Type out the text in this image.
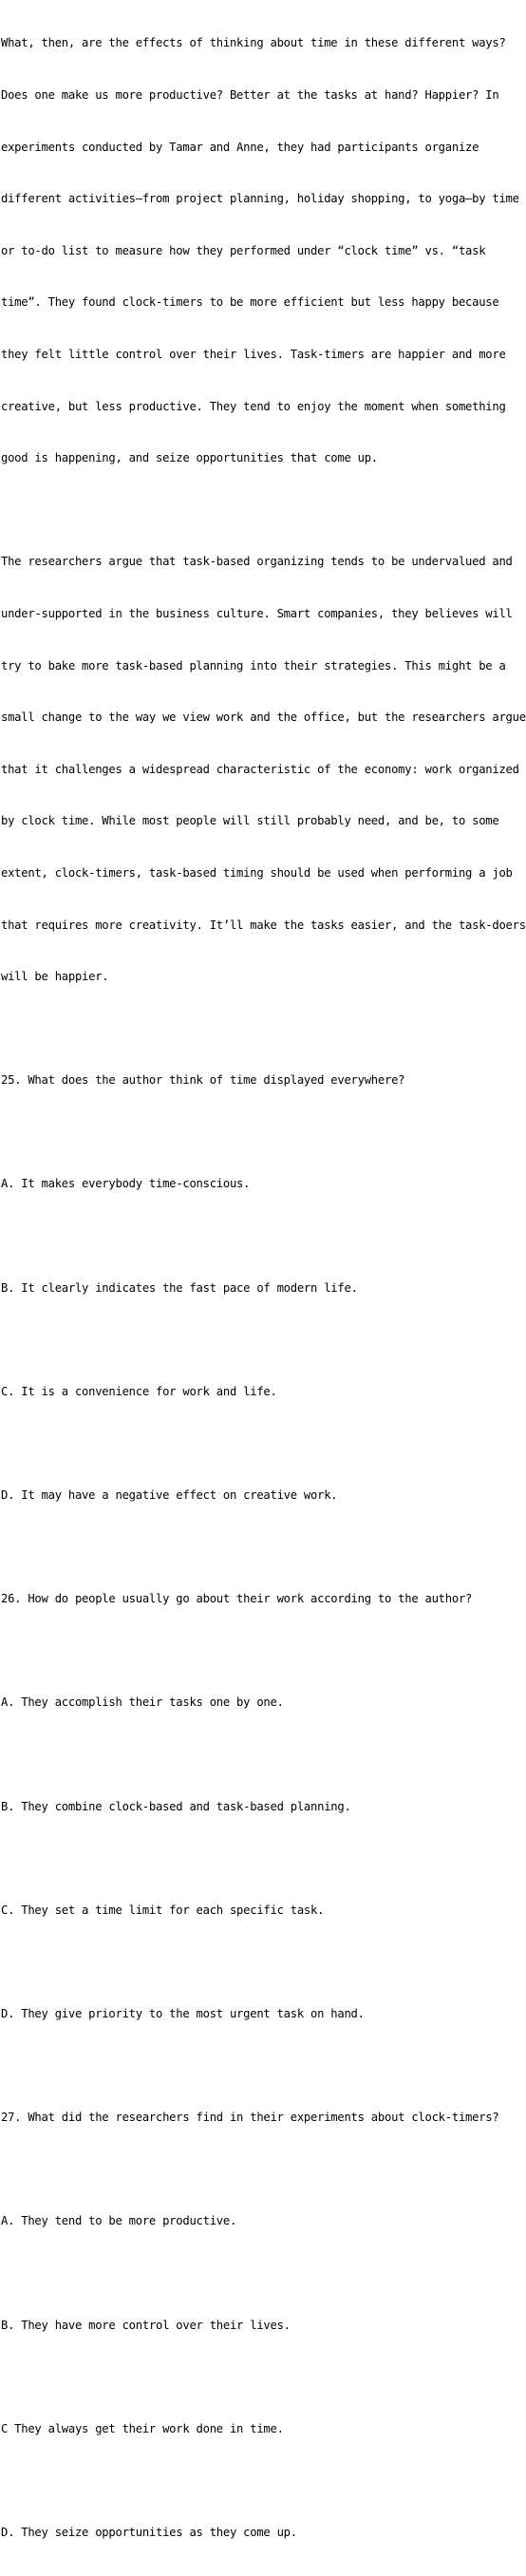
What, then, are the effects of thinking about time in these different ways?

Does one make us more productive? Better at the tasks at hand? Happier? In

experiments conducted by Tamar and Anne, they had participants organize

different activities—from project planning, holiday shopping, to yoga—by time

or to-do list to measure how they performed under “clock time” vs. “task

time”. They found clock-timers to be more efficient but less happy because

they felt little control over their lives. Task-timers are happier and more

creative, but less productive. They tend to enjoy the moment when something

good is happening, and seize opportunities that come up.

The researchers argue that task-based organizing tends to be undervalued and

under-supported in the business culture. Smart companies, they believes will

try to bake more task-based planning into their strategies. This might be a

small change to the way we view work and the office, but the researchers argue

that it challenges a widespread characteristic of the economy: work organized

by clock time. While most people will still probably need, and be, to some

extent, clock-timers, task-based timing should be used when performing a job

that requires more creativity. It’ll make the tasks easier, and the task-doers

will be happier.

25. What does the author think of time displayed everywhere?

A. It makes everybody time-conscious.

B. It clearly indicates the fast pace of modern life.

C. It is a convenience for work and life.

D. It may have a negative effect on creative work.

26. How do people usually go about their work according to the author?

A. They accomplish their tasks one by one.

B. They combine clock-based and task-based planning.

C. They set a time limit for each specific task.

D. They give priority to the most urgent task on hand.

27. What did the researchers find in their experiments about clock-timers?

A. They tend to be more productive.

B. They have more control over their lives.

C They always get their work done in time.

D. They seize opportunities as they come up.
